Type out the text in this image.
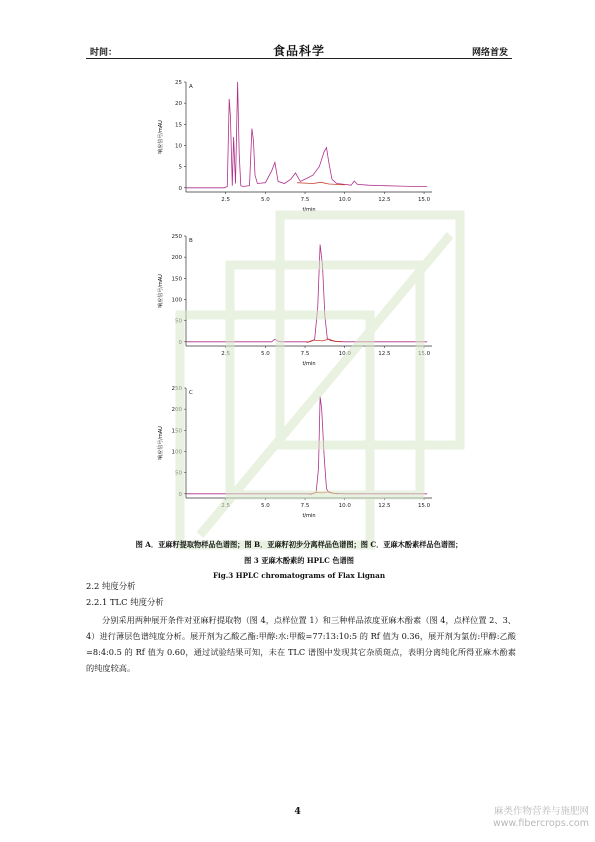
时间：	食品科学	网络首发
A
0
5
10
15
20
25
2.5	5.0	7.5	10.0	12.5	15.0
t/min
响应信号/mAU
B
0
50
100
150
200
250
2.5	5.0	7.5	10.0	12.5	15.0
t/min
响应信号/mAU
C
0
50
100
150
200
250
2.5	5.0	7.5	10.0	12.5	15.0
t/min
响应信号/mAU
图 A．亚麻籽提取物样品色谱图；图 B．亚麻籽初步分离样品色谱图；图 C．亚麻木酚素样品色谱图；
图 3 亚麻木酚素的 HPLC 色谱图
Fig.3 HPLC chromatograms of Flax Lignan
2.2 纯度分析
2.2.1 TLC 纯度分析
分别采用两种展开条件对亚麻籽提取物（图 4，点样位置 1）和三种样品浓度亚麻木酚素（图 4，点样位置 2、3、4）进行薄层色谱纯度分析。展开剂为乙酸乙酯:甲醇:水:甲酸=77:13:10:5 的 Rf 值为 0.36，展开剂为氯仿:甲醇:乙酸=8:4:0.5 的 Rf 值为 0.60，通过试验结果可知，未在 TLC 谱图中发现其它杂质斑点，表明分离纯化所得亚麻木酚素的纯度较高。
4	麻类作物营养与施肥网
www.fibercrops.com
